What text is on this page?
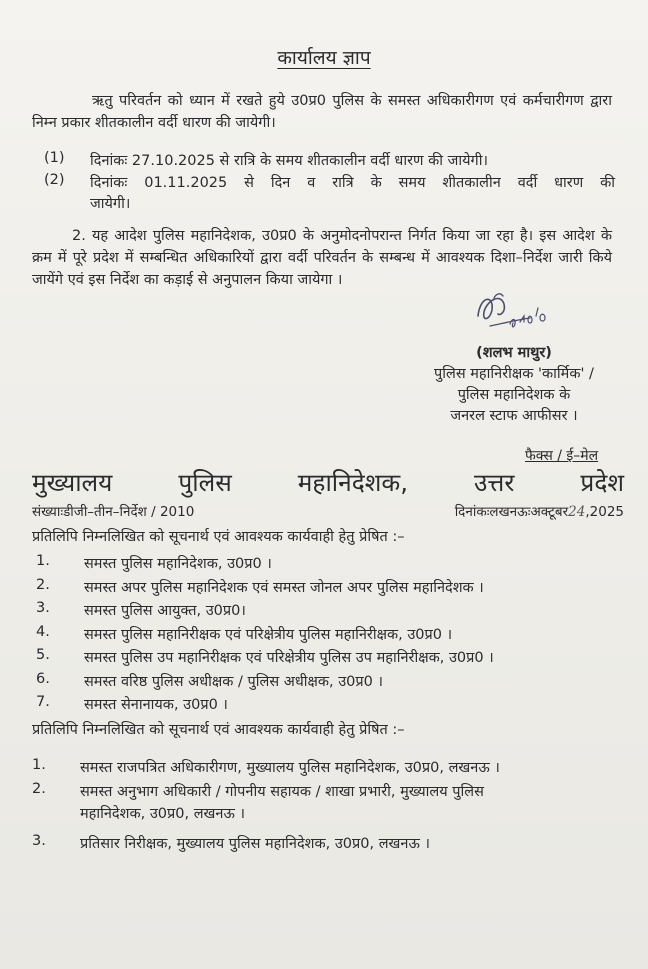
कार्यालय ज्ञाप
ऋतु परिवर्तन को ध्यान में रखते हुये उ0प्र0 पुलिस के समस्त अधिकारीगण एवं कर्मचारीगण द्वारा निम्न प्रकार शीतकालीन वर्दी धारण की जायेगी।
(1) दिनांकः 27.10.2025 से रात्रि के समय शीतकालीन वर्दी धारण की जायेगी।
(2) दिनांकः 01.11.2025 से दिन व रात्रि के समय शीतकालीन वर्दी धारण की
जायेगी।
2. यह आदेश पुलिस महानिदेशक, उ0प्र0 के अनुमोदनोपरान्त निर्गत किया जा रहा है। इस आदेश के क्रम में पूरे प्रदेश में सम्बन्धित अधिकारियों द्वारा वर्दी परिवर्तन के सम्बन्ध में आवश्यक दिशा–निर्देश जारी किये जायेंगे एवं इस निर्देश का कड़ाई से अनुपालन किया जायेगा ।
(शलभ माथुर)
पुलिस महानिरीक्षक 'कार्मिक' /
पुलिस महानिदेशक के
जनरल स्टाफ आफीसर ।
फैक्स / ई–मेल
मुख्यालय	पुलिस	महानिदेशक,	उत्तर	प्रदेश
संख्याःडीजी–तीन–निर्देश / 2010	दिनांकःलखनऊःअक्टूबर24,2025
प्रतिलिपि निम्नलिखित को सूचनार्थ एवं आवश्यक कार्यवाही हेतु प्रेषित :–
1. समस्त पुलिस महानिदेशक, उ0प्र0 ।
2. समस्त अपर पुलिस महानिदेशक एवं समस्त जोनल अपर पुलिस महानिदेशक ।
3. समस्त पुलिस आयुक्त, उ0प्र0।
4. समस्त पुलिस महानिरीक्षक एवं परिक्षेत्रीय पुलिस महानिरीक्षक, उ0प्र0 ।
5. समस्त पुलिस उप महानिरीक्षक एवं परिक्षेत्रीय पुलिस उप महानिरीक्षक, उ0प्र0 ।
6. समस्त वरिष्ठ पुलिस अधीक्षक / पुलिस अधीक्षक, उ0प्र0 ।
7. समस्त सेनानायक, उ0प्र0 ।
प्रतिलिपि निम्नलिखित को सूचनार्थ एवं आवश्यक कार्यवाही हेतु प्रेषित :–
1. समस्त राजपत्रित अधिकारीगण, मुख्यालय पुलिस महानिदेशक, उ0प्र0, लखनऊ ।
2. समस्त अनुभाग अधिकारी / गोपनीय सहायक / शाखा प्रभारी, मुख्यालय पुलिस
महानिदेशक, उ0प्र0, लखनऊ ।
3. प्रतिसार निरीक्षक, मुख्यालय पुलिस महानिदेशक, उ0प्र0, लखनऊ ।
